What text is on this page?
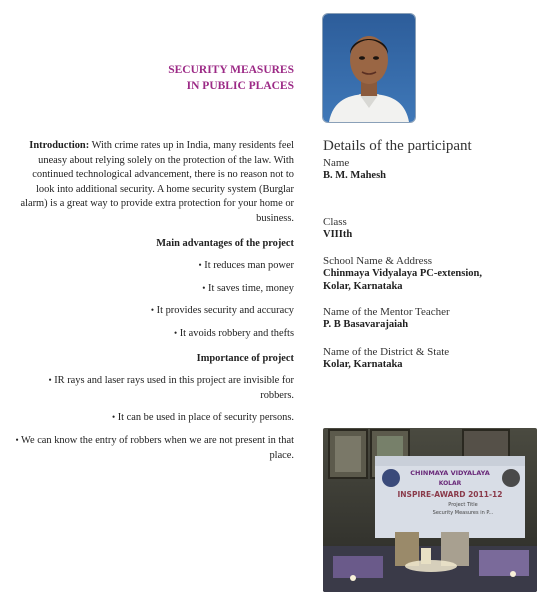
SECURITY MEASURES
IN PUBLIC PLACES

Introduction: With crime rates up in India, many residents feel uneasy about relying solely on the protection of the law. With continued technological advancement, there is no reason not to look into additional security. A home security system (Burglar alarm) is a great way to provide extra protection for your home or business.

Main advantages of the project

• It reduces man power

• It saves time, money

• It provides security and accuracy

• It avoids robbery and thefts

Importance of project

• IR rays and laser rays used in this project are invisible for robbers.

• It can be used in place of security persons.

• We can know the entry of robbers when we are not present in that place.

Details of the participant

Name

B. M. Mahesh

Class

VIIIth

School Name & Address

Chinmaya Vidyalaya PC-extension,

Kolar, Karnataka

Name of the Mentor Teacher

P. B Basavarajaiah

Name of the District & State

Kolar, Karnataka

CHINMAYA VIDYALAYA
KOLAR
INSPIRE-AWARD 2011-12
Project Title
Security Measures in P...
